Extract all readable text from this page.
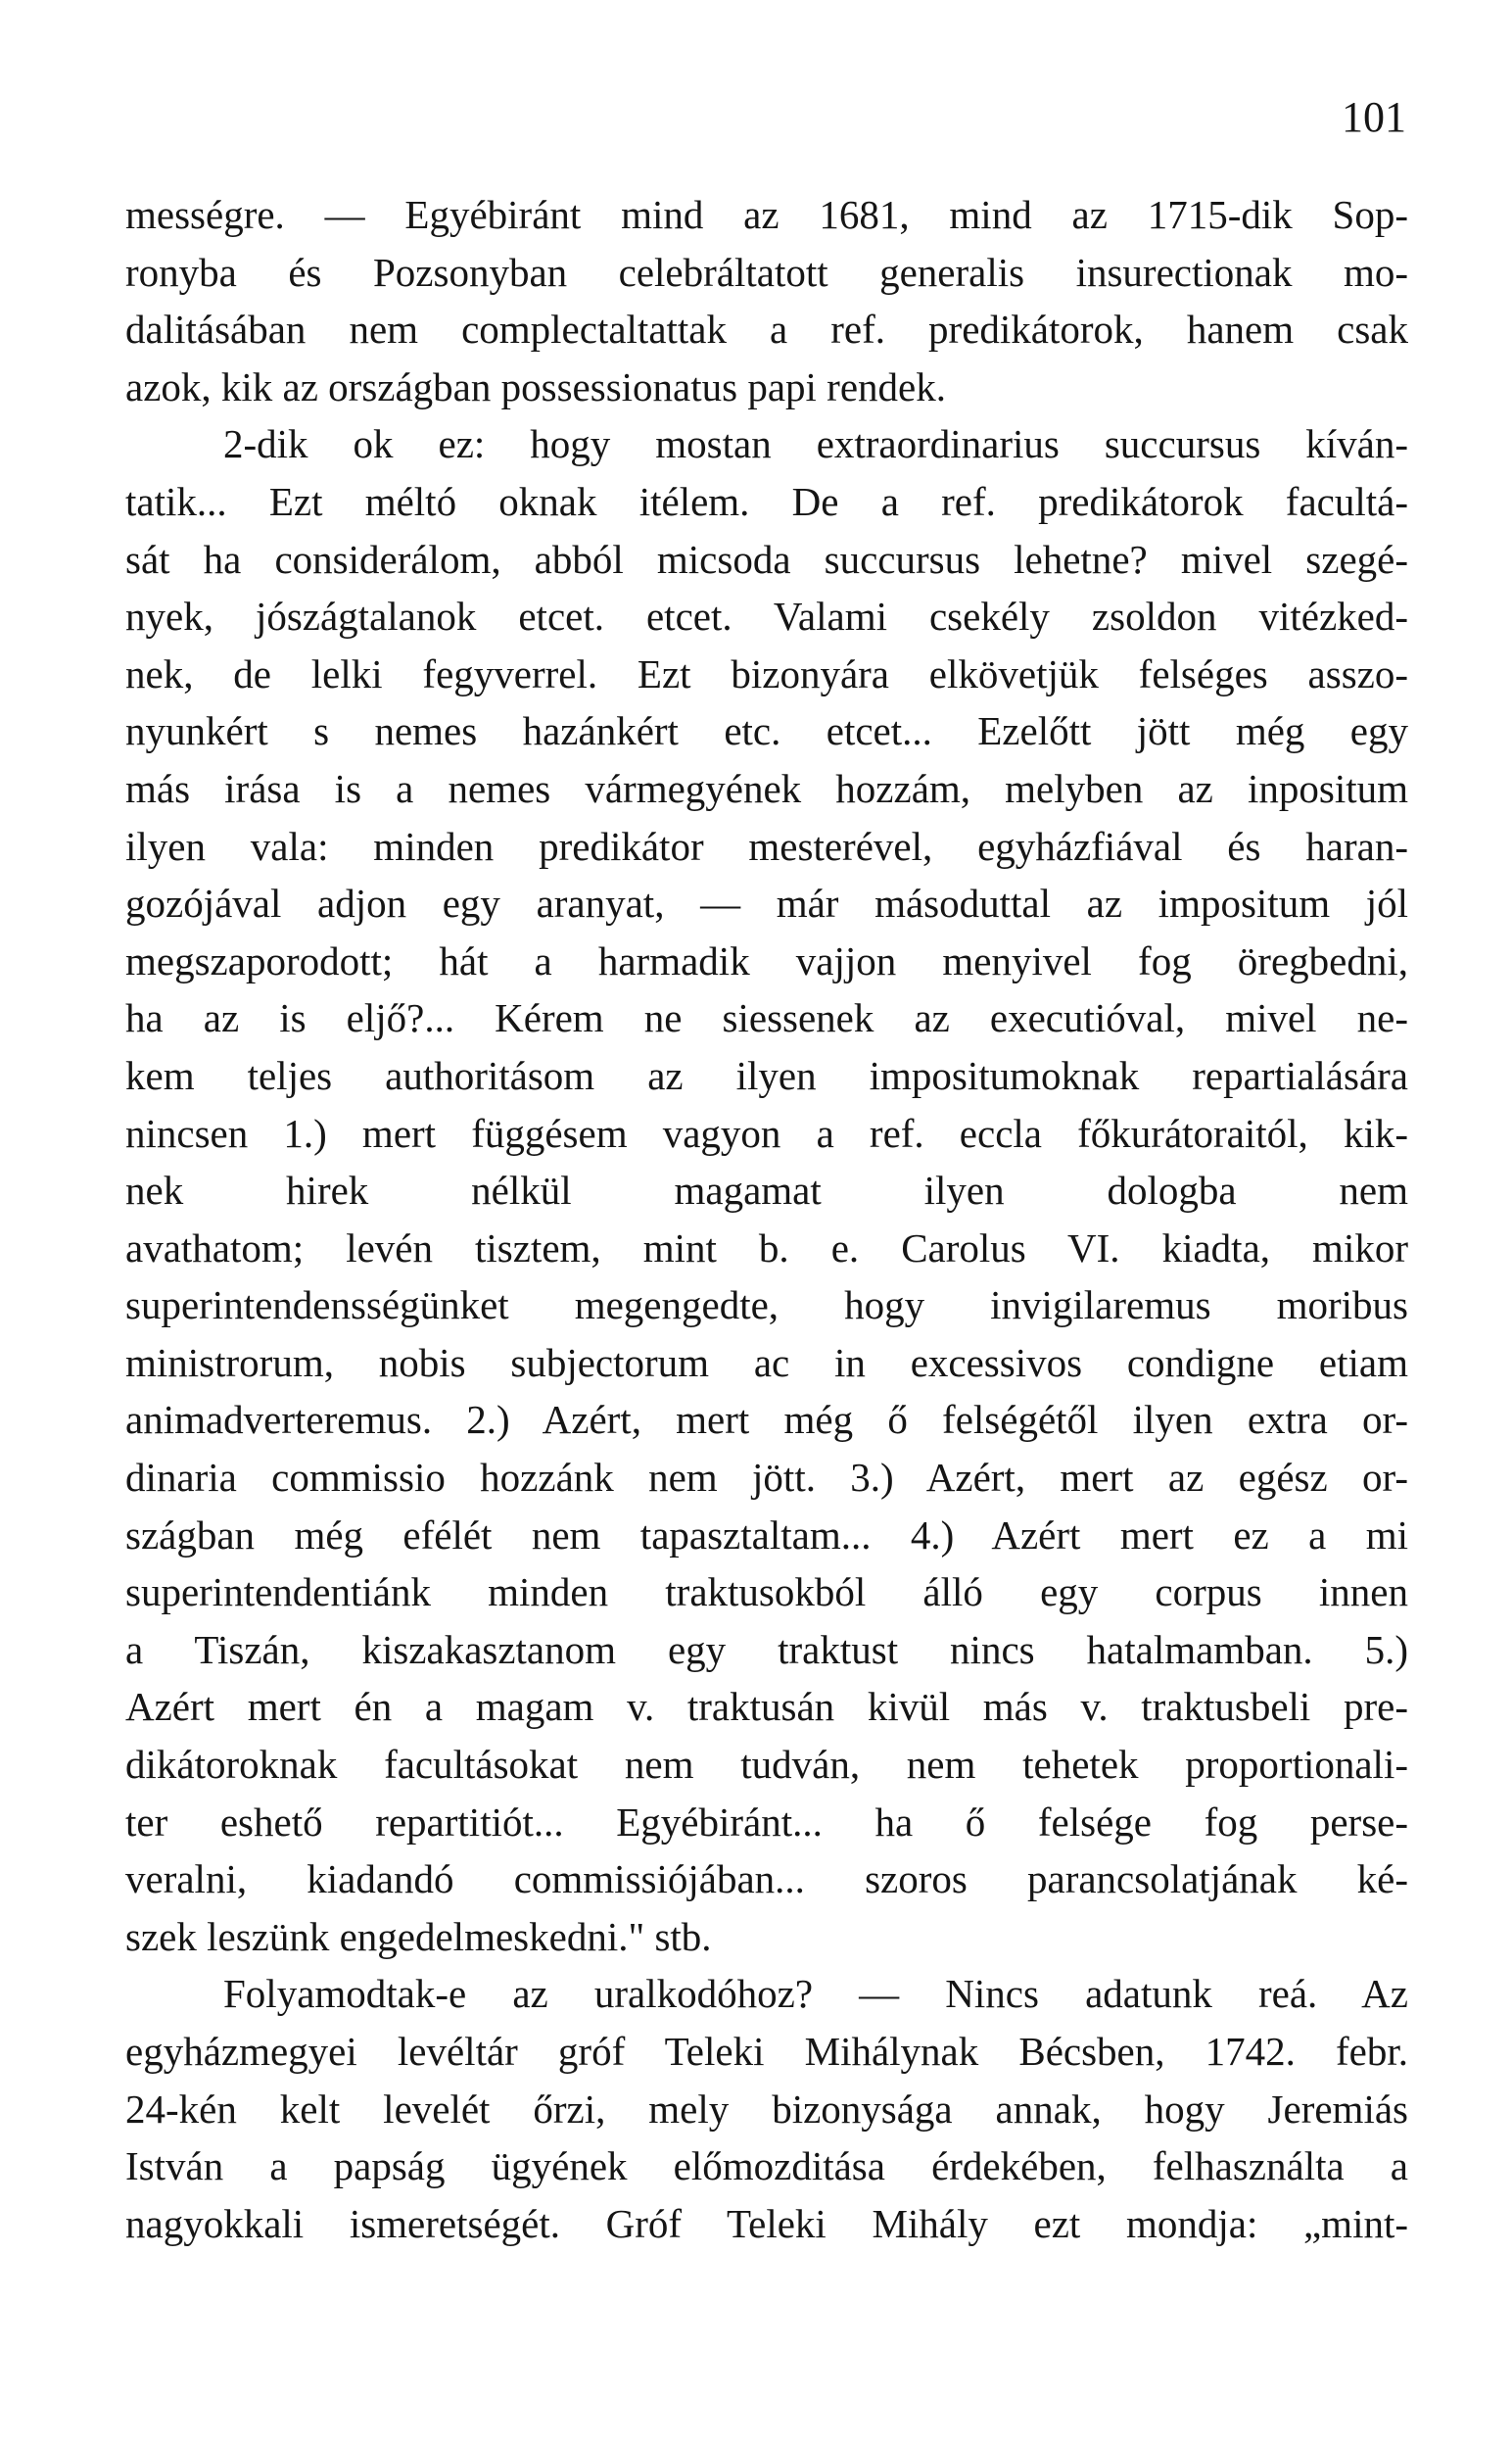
101
mességre. — Egyébiránt mind az 1681, mind az 1715-dik Sop-
ronyba és Pozsonyban celebráltatott generalis insurectionak mo-
dalitásában nem complectaltattak a ref. predikátorok, hanem csak
azok, kik az országban possessionatus papi rendek.
2-dik ok ez: hogy mostan extraordinarius succursus kíván-
tatik... Ezt méltó oknak itélem. De a ref. predikátorok facultá-
sát ha considerálom, abból micsoda succursus lehetne? mivel szegé-
nyek, jószágtalanok etcet. etcet. Valami csekély zsoldon vitézked-
nek, de lelki fegyverrel. Ezt bizonyára elkövetjük felséges asszo-
nyunkért s nemes hazánkért etc. etcet... Ezelőtt jött még egy
más irása is a nemes vármegyének hozzám, melyben az inpositum
ilyen vala: minden predikátor mesterével, egyházfiával és haran-
gozójával adjon egy aranyat, — már másoduttal az impositum jól
megszaporodott; hát a harmadik vajjon menyivel fog öregbedni,
ha az is eljő?... Kérem ne siessenek az executióval, mivel ne-
kem teljes authoritásom az ilyen impositumoknak repartialására
nincsen 1.) mert függésem vagyon a ref. eccla főkurátoraitól, kik-
nek hirek nélkül magamat ilyen dologba nem
avathatom; levén tisztem, mint b. e. Carolus VI. kiadta, mikor
superintendensségünket megengedte, hogy invigilaremus moribus
ministrorum, nobis subjectorum ac in excessivos condigne etiam
animadverteremus. 2.) Azért, mert még ő felségétől ilyen extra or-
dinaria commissio hozzánk nem jött. 3.) Azért, mert az egész or-
szágban még efélét nem tapasztaltam... 4.) Azért mert ez a mi
superintendentiánk minden traktusokból álló egy corpus innen
a Tiszán, kiszakasztanom egy traktust nincs hatalmamban. 5.)
Azért mert én a magam v. traktusán kivül más v. traktusbeli pre-
dikátoroknak facultásokat nem tudván, nem tehetek proportionali-
ter eshető repartitiót... Egyébiránt... ha ő felsége fog perse-
veralni, kiadandó commissiójában... szoros parancsolatjának ké-
szek leszünk engedelmeskedni." stb.
Folyamodtak-e az uralkodóhoz? — Nincs adatunk reá. Az
egyházmegyei levéltár gróf Teleki Mihálynak Bécsben, 1742. febr.
24-kén kelt levelét őrzi, mely bizonysága annak, hogy Jeremiás
István a papság ügyének előmozditása érdekében, felhasználta a
nagyokkali ismeretségét. Gróf Teleki Mihály ezt mondja: „mint-
